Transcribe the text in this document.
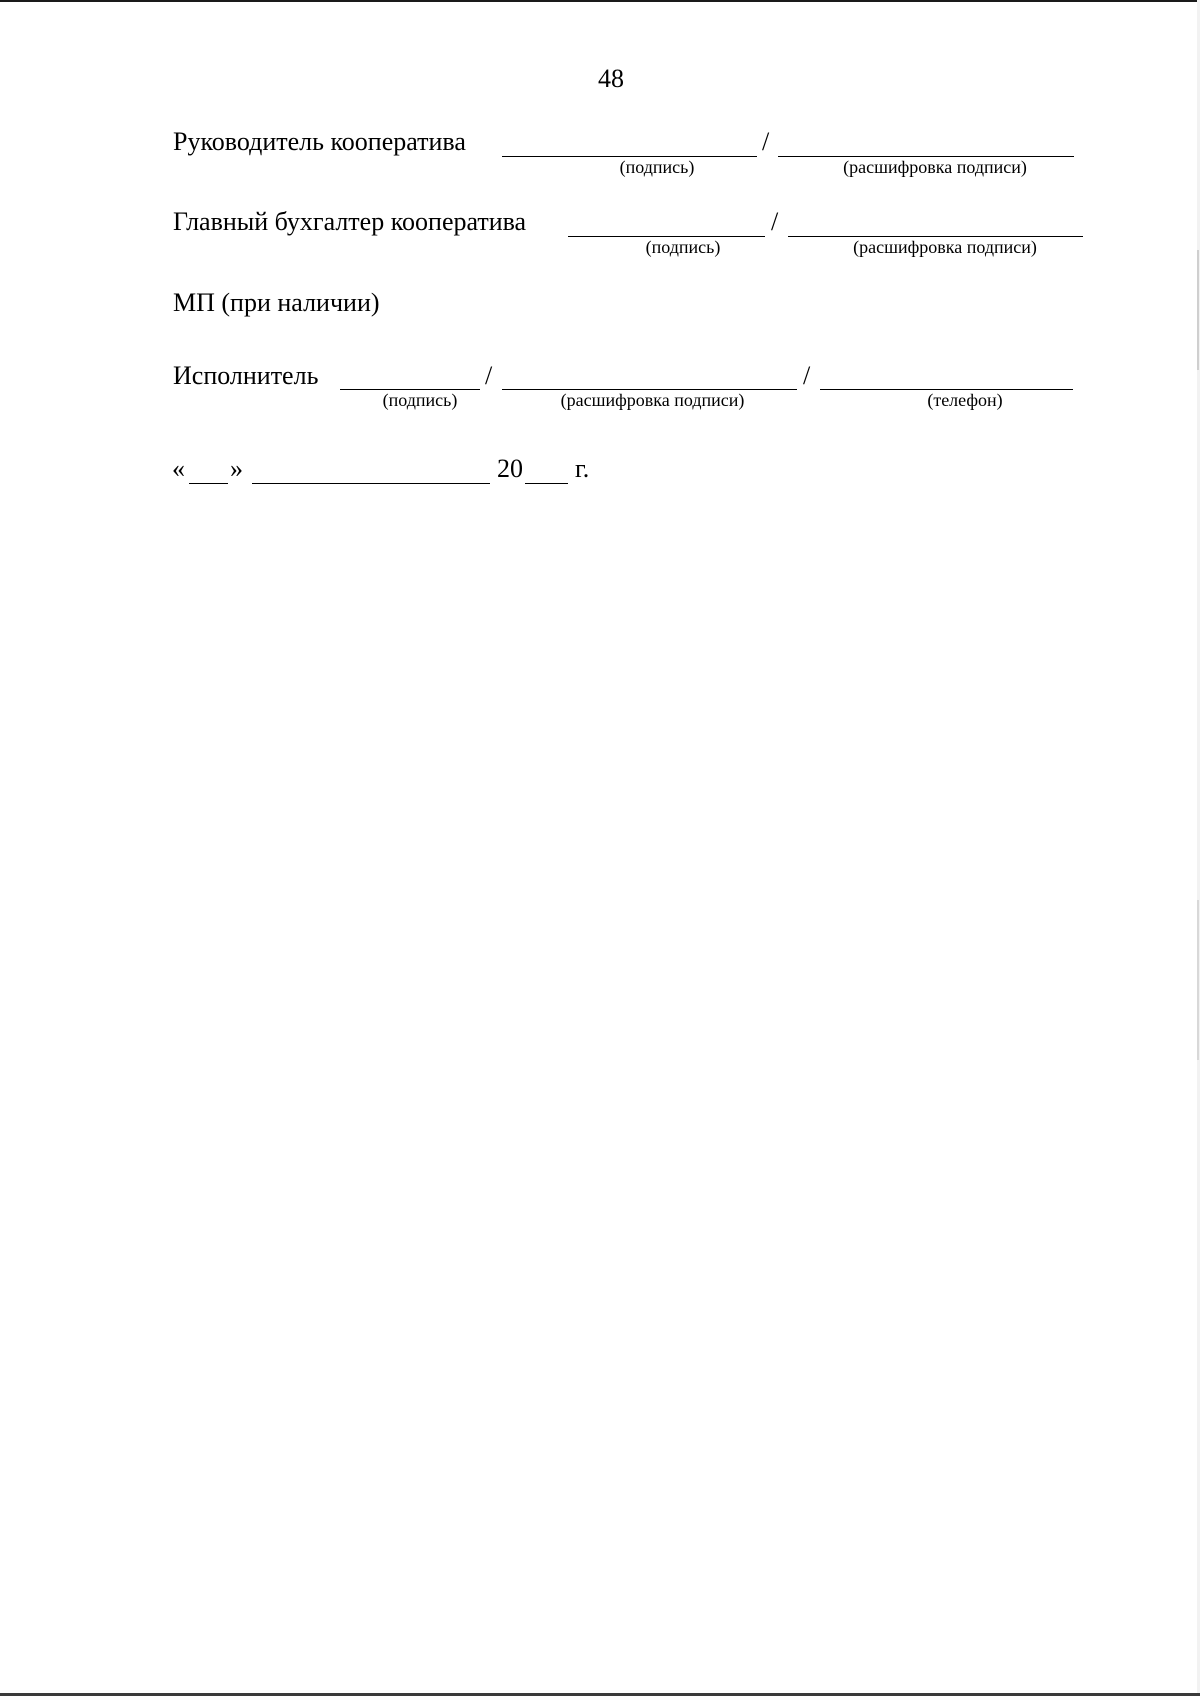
48
Руководитель кооператива	/
(подпись)	(расшифровка подписи)
Главный бухгалтер кооператива	/
(подпись)	(расшифровка подписи)
МП (при наличии)
Исполнитель	/	/
(подпись)	(расшифровка подписи)	(телефон)
« »	20 г.
